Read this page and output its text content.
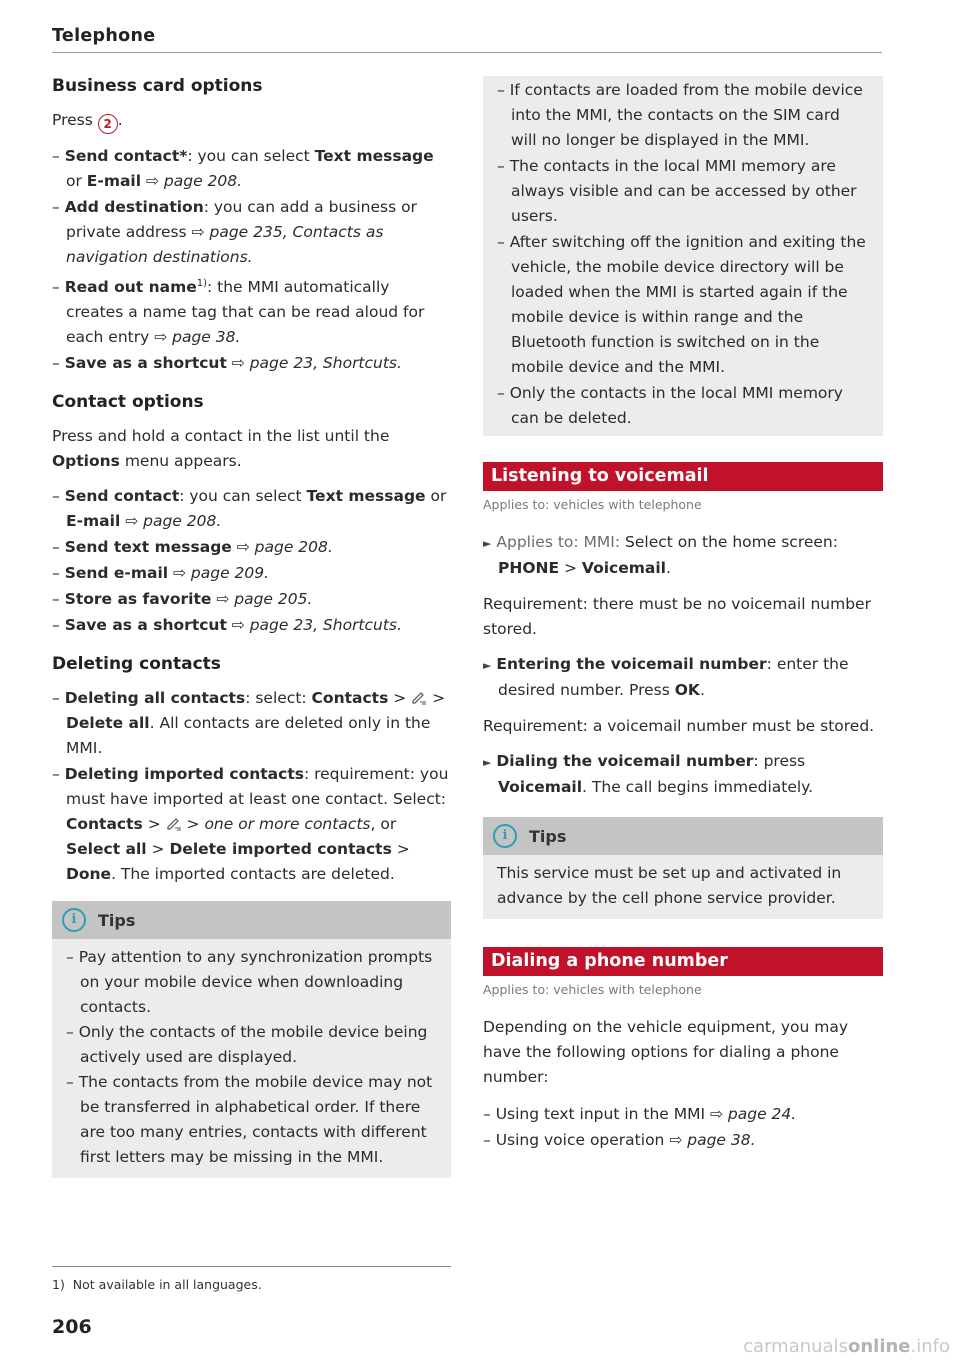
Telephone
Business card options

Press 2 .

– Send contact*: you can select Text message or E-mail ⇨ page 208.
– Add destination: you can add a business or private address ⇨ page 235, Contacts as navigation destinations.
– Read out name$^{1)}$: the MMI automatically creates a name tag that can be read aloud for each entry ⇨ page 38.
– Save as a shortcut ⇨ page 23, Shortcuts.
Contact options

Press and hold a contact in the list until the Options menu appears.

– Send contact: you can select Text message or E-mail ⇨ page 208.
– Send text message ⇨ page 208.
– Send e-mail ⇨ page 209.
– Store as favorite ⇨ page 205.
– Save as a shortcut ⇨ page 23, Shortcuts.
Deleting contacts
– Deleting all contacts: select: Contacts >  > Delete all. All contacts are deleted only in the MMI.
– Deleting imported contacts: requirement: you must have imported at least one contact. Select: Contacts >  > one or more contacts, or Select all > Delete imported contacts > Done. The imported contacts are deleted.
i	Tips
– Pay attention to any synchronization prompts on your mobile device when downloading contacts.
– Only the contacts of the mobile device being actively used are displayed.
– The contacts from the mobile device may not be transferred in alphabetical order. If there are too many entries, contacts with different first letters may be missing in the MMI.
– If contacts are loaded from the mobile device into the MMI, the contacts on the SIM card will no longer be displayed in the MMI.
– The contacts in the local MMI memory are always visible and can be accessed by other users.
– After switching off the ignition and exiting the vehicle, the mobile device directory will be loaded when the MMI is started again if the mobile device is within range and the Bluetooth function is switched on in the mobile device and the MMI.
– Only the contacts in the local MMI memory can be deleted.
Listening to voicemail
Applies to: vehicles with telephone
► Applies to: MMI: Select on the home screen: PHONE > Voicemail.

Requirement: there must be no voicemail number stored.

► Entering the voicemail number: enter the desired number. Press OK.

Requirement: a voicemail number must be stored.

► Dialing the voicemail number: press Voicemail. The call begins immediately.
i	Tips

This service must be set up and activated in advance by the cell phone service provider.

Dialing a phone number
Applies to: vehicles with telephone

Depending on the vehicle equipment, you may have the following options for dialing a phone number:

– Using text input in the MMI ⇨ page 24.
– Using voice operation ⇨ page 38.
1) Not available in all languages.
206
carmanualsonline.info
